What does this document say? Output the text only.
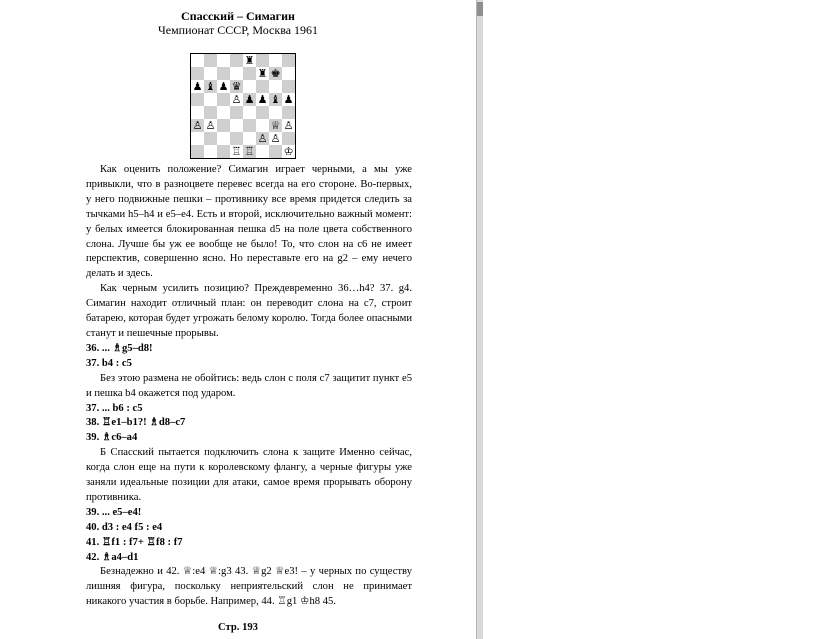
Спасский – Симагин
Чемпионат СССР, Москва 1961
♜
♜ ♚
♟ ♝ ♟ ♛
♙ ♟ ♟ ♝ ♟
♙ ♙	♕ ♙
♙ ♙
♖ ♖	♔

Как оценить положение? Симагин играет черными, а мы уже привыкли, что в разноцвете перевес всегда на его стороне. Во-первых, у него подвижные пешки – противнику все время придется следить за тычками h5–h4 и e5–e4. Есть и второй, исключительно важный момент: у белых имеется блокированная пешка d5 на поле цвета собственного слона. Лучше бы уж ее вообще не было! То, что слон на c6 не имеет перспектив, совершенно ясно. Но переставьте его на g2 – ему нечего делать и здесь.

Как черным усилить позицию? Преждевременно 36…h4? 37. g4. Симагин находит отличный план: он переводит слона на c7, строит батарею, которая будет угрожать белому королю. Тогда более опасными станут и пешечные прорывы.

36. ... ♗g5–d8!

37. b4 : c5

Без этою размена не обойтись: ведь слон с поля c7 защитит пункт e5 и пешка b4 окажется под ударом.

37. ... b6 : c5

38. ♖e1–b1?! ♗d8–c7

39. ♗c6–a4

Б Спасский пытается подключить слона к защите Именно сейчас, когда слон еще на пути к королевскому флангу, а черные фигуры уже заняли идеальные позиции для атаки, самое время прорывать оборону противника.

39. ... e5–e4!

40. d3 : e4 f5 : e4

41. ♖f1 : f7+ ♖f8 : f7

42. ♗a4–d1

Безнадежно и 42. ♕:e4 ♕:g3 43. ♕g2 ♕e3! – у черных по существу лишняя фигура, поскольку неприятельский слон не принимает никакого участия в борьбе. Например, 44. ♖g1 ♔h8 45.

Стр. 193
